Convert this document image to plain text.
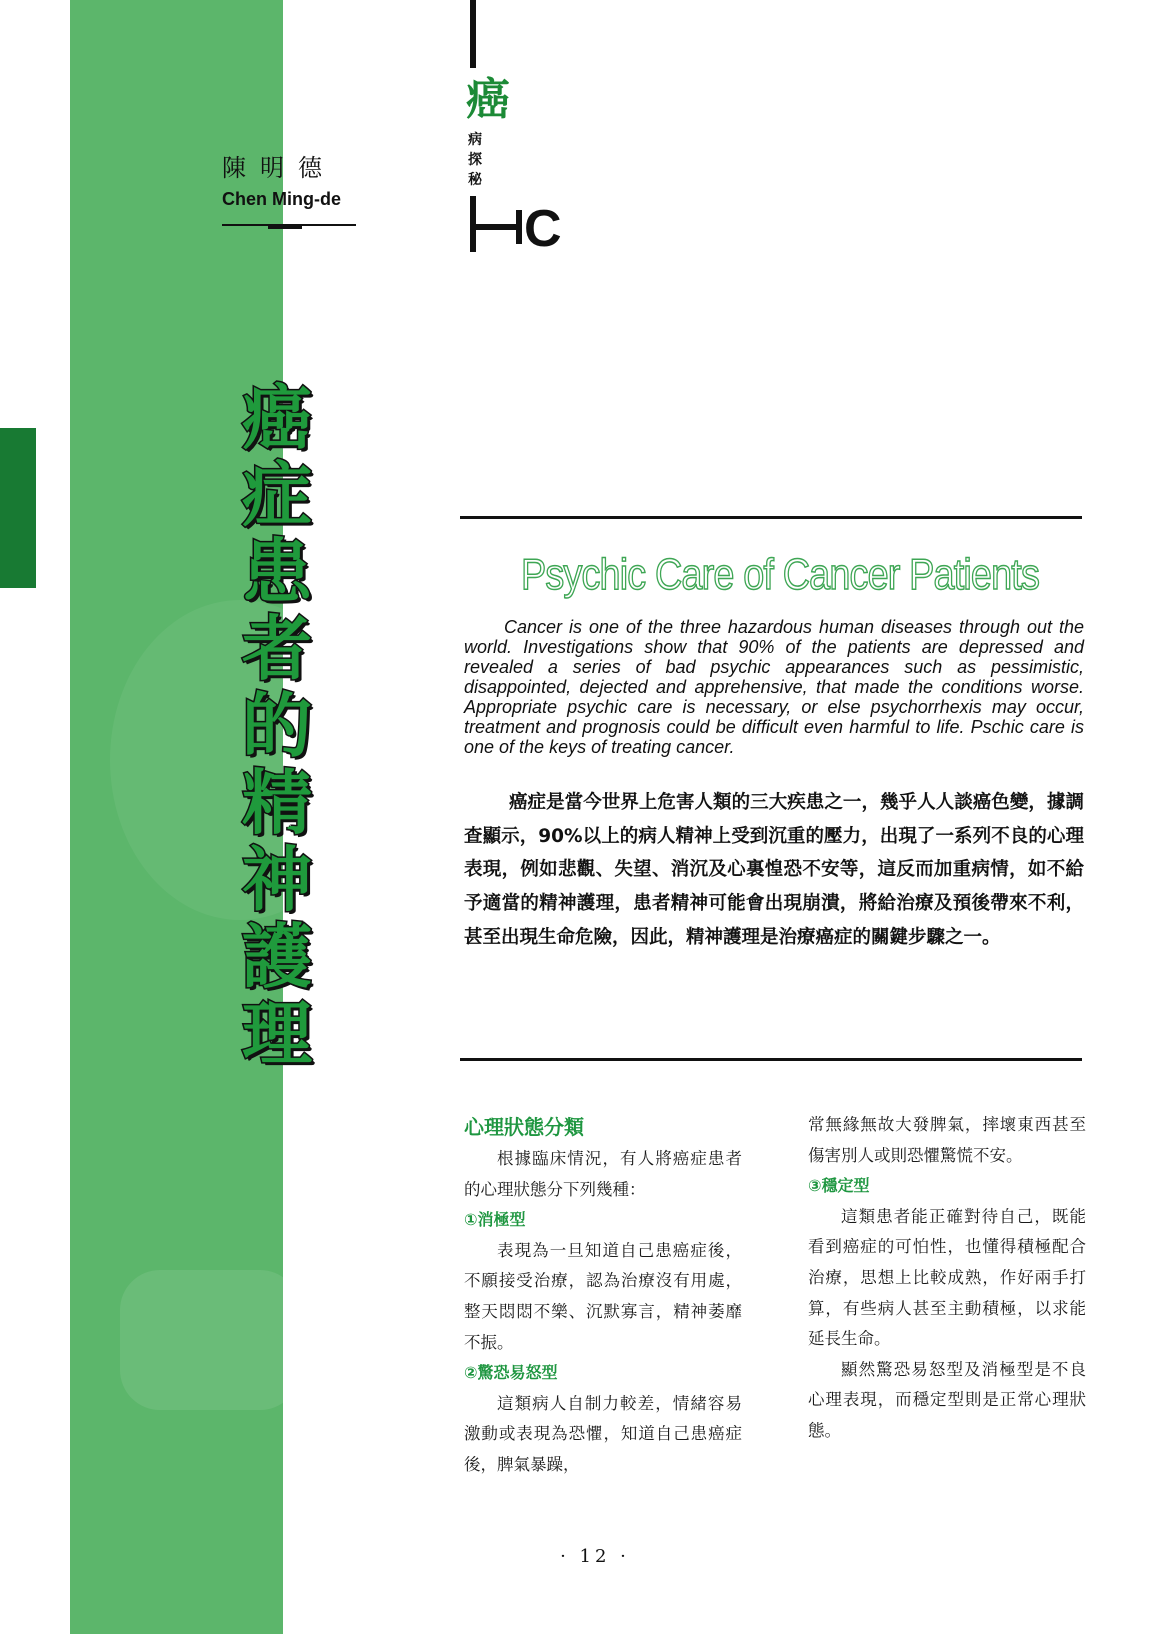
陳明德
Chen Ming-de
癌
病探秘
C
癌症患者的精神護理
Psychic Care of Cancer Patients
Cancer is one of the three hazardous human diseases through out the world. Investigations show that 90% of the patients are depressed and revealed a series of bad psychic appearances such as pessimistic, disappointed, dejected and apprehensive, that made the conditions worse. Appropriate psychic care is necessary, or else psychorrhexis may occur, treatment and prognosis could be difficult even harmful to life. Pschic care is one of the keys of treating cancer.
癌症是當今世界上危害人類的三大疾患之一，幾乎人人談癌色變，據調查顯示，90%以上的病人精神上受到沉重的壓力，出現了一系列不良的心理表現，例如悲觀、失望、消沉及心裏惶恐不安等，這反而加重病情，如不給予適當的精神護理，患者精神可能會出現崩潰，將給治療及預後帶來不利，甚至出現生命危險，因此，精神護理是治療癌症的關鍵步驟之一。
心理狀態分類

根據臨床情況，有人將癌症患者的心理狀態分下列幾種：

①消極型

表現為一旦知道自己患癌症後，不願接受治療，認為治療沒有用處，整天悶悶不樂、沉默寡言，精神萎靡不振。

②驚恐易怒型

這類病人自制力較差，情緒容易激動或表現為恐懼，知道自己患癌症後，脾氣暴躁，

常無緣無故大發脾氣，摔壞東西甚至傷害別人或則恐懼驚慌不安。

③穩定型

這類患者能正確對待自己，既能看到癌症的可怕性，也懂得積極配合治療，思想上比較成熟，作好兩手打算，有些病人甚至主動積極，以求能延長生命。

顯然驚恐易怒型及消極型是不良心理表現，而穩定型則是正常心理狀態。

· 12 ·
